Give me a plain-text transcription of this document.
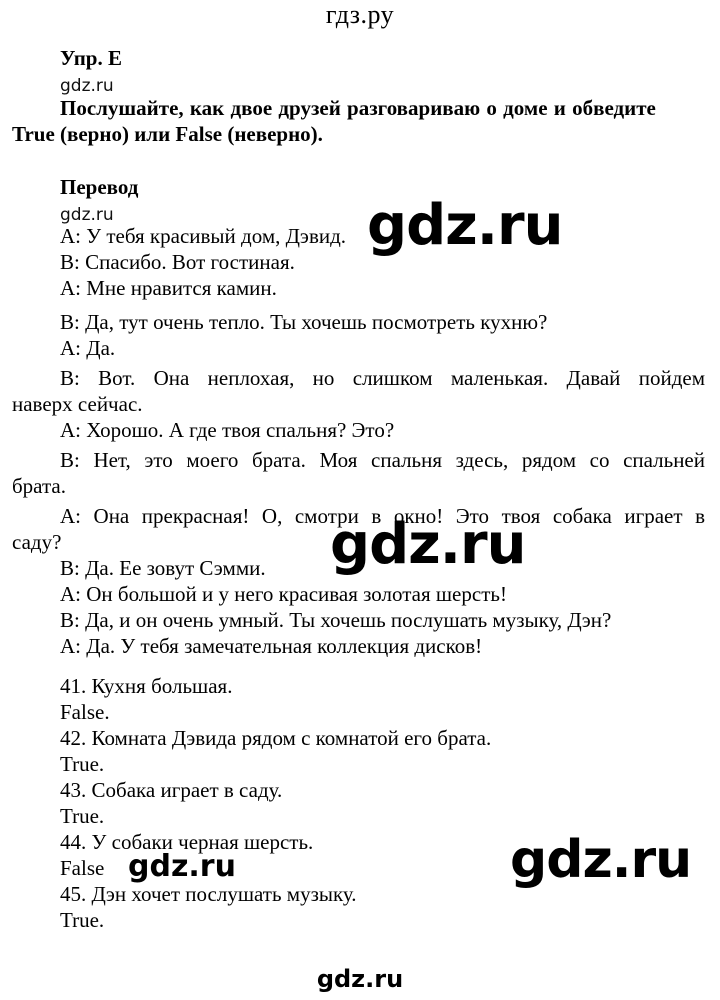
гдз.ру
Упр. E
gdz.ru
Послушайте, как двое друзей разговариваю о доме и обведите
True (верно) или False (неверно).
Перевод
gdz.ru

A: У тебя красивый дом, Дэвид.

B: Спасибо. Вот гостиная.

A: Мне нравится камин.

B: Да, тут очень тепло. Ты хочешь посмотреть кухню?

A: Да.

B: Вот. Она неплохая, но слишком маленькая. Давай пойдем

наверх сейчас.

A: Хорошо. А где твоя спальня? Это?

B: Нет, это моего брата. Моя спальня здесь, рядом со спальней

брата.

A: Она прекрасная! О, смотри в окно! Это твоя собака играет в

саду?

B: Да. Ее зовут Сэмми.

A: Он большой и у него красивая золотая шерсть!

B: Да, и он очень умный. Ты хочешь послушать музыку, Дэн?

A: Да. У тебя замечательная коллекция дисков!

gdz.ru
gdz.ru

41. Кухня большая.

False.

42. Комната Дэвида рядом с комнатой его брата.

True.

43. Собака играет в саду.

True.

44. У собаки черная шерсть.

False

45. Дэн хочет послушать музыку.

True.

gdz.ru	gdz.ru
gdz.ru
